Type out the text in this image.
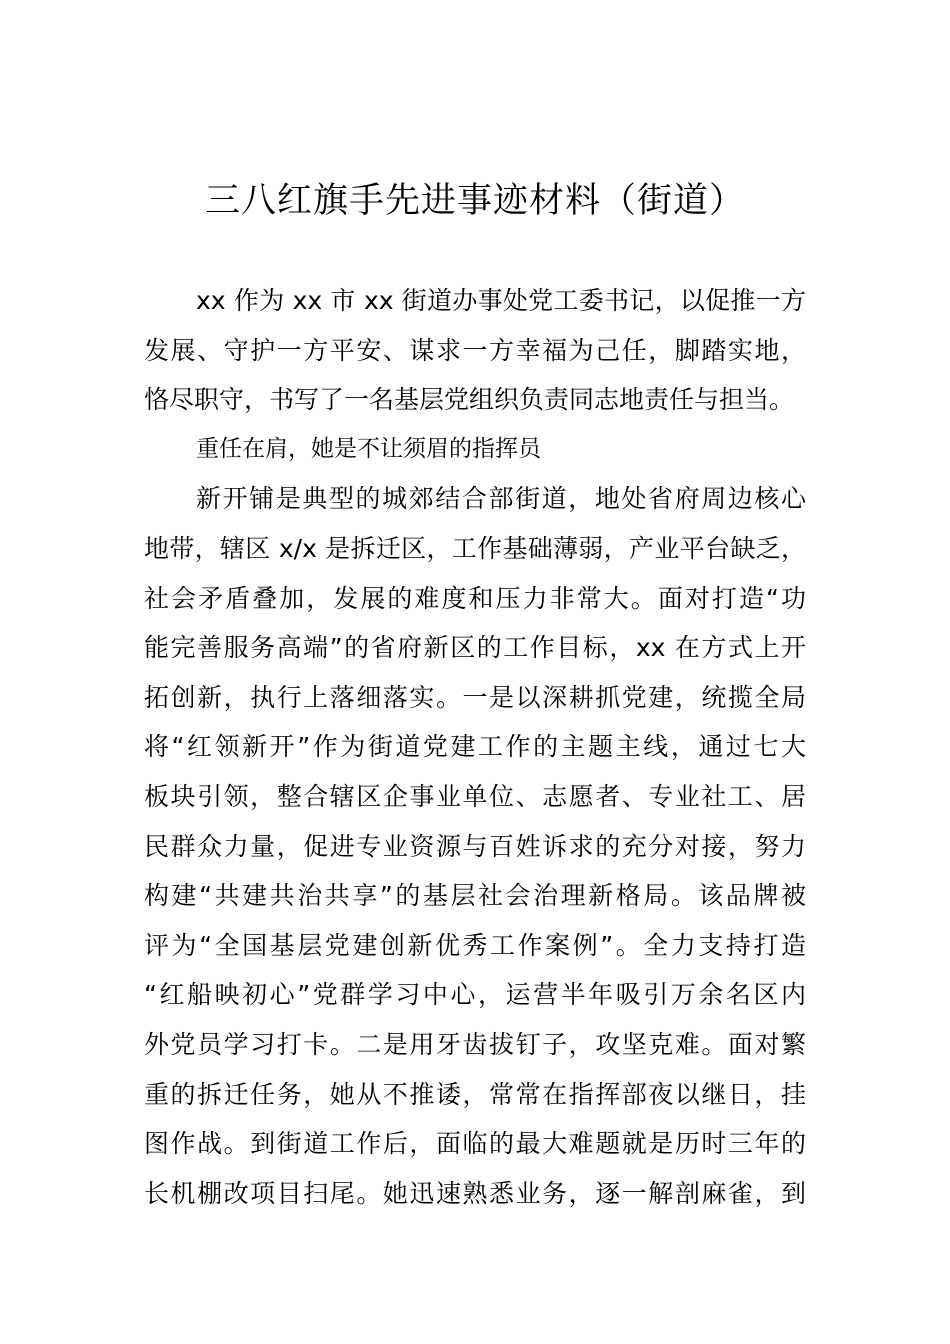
三八红旗手先进事迹材料（街道）
xx 作为 xx 市 xx 街道办事处党工委书记，以促推一方
发展、守护一方平安、谋求一方幸福为己任，脚踏实地，
恪尽职守，书写了一名基层党组织负责同志地责任与担当。
重任在肩，她是不让须眉的指挥员
新开铺是典型的城郊结合部街道，地处省府周边核心
地带，辖区 x/x 是拆迁区，工作基础薄弱，产业平台缺乏，
社会矛盾叠加，发展的难度和压力非常大。面对打造“功
能完善服务高端”的省府新区的工作目标，xx 在方式上开
拓创新，执行上落细落实。一是以深耕抓党建，统揽全局
将“红领新开”作为街道党建工作的主题主线，通过七大
板块引领，整合辖区企事业单位、志愿者、专业社工、居
民群众力量，促进专业资源与百姓诉求的充分对接，努力
构建“共建共治共享”的基层社会治理新格局。该品牌被
评为“全国基层党建创新优秀工作案例”。全力支持打造
“红船映初心”党群学习中心，运营半年吸引万余名区内
外党员学习打卡。二是用牙齿拔钉子，攻坚克难。面对繁
重的拆迁任务，她从不推诿，常常在指挥部夜以继日，挂
图作战。到街道工作后，面临的最大难题就是历时三年的
长机棚改项目扫尾。她迅速熟悉业务，逐一解剖麻雀，到
